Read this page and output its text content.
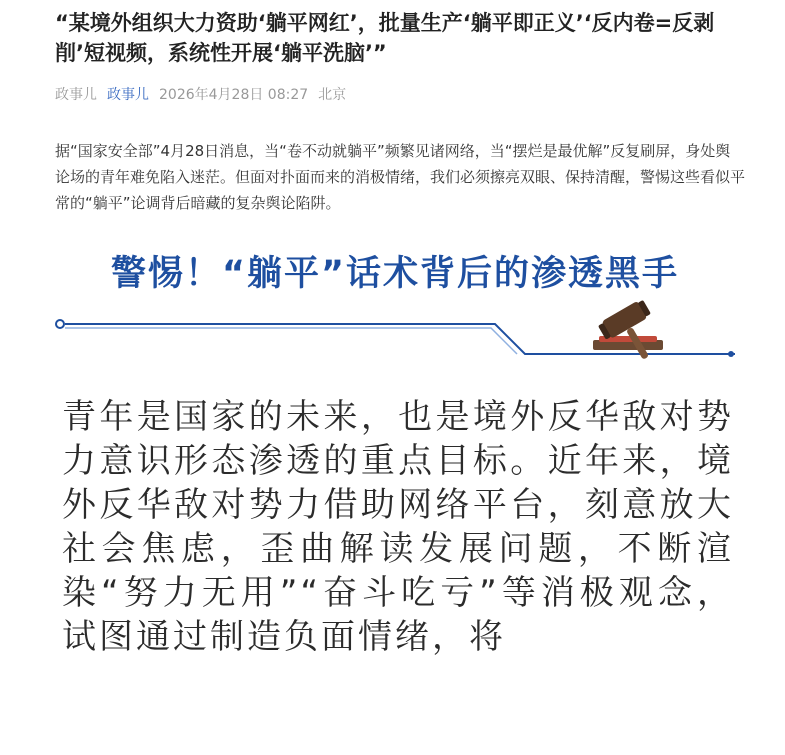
“某境外组织大力资助‘躺平网红’，批量生产‘躺平即正义’‘反内卷=反剥削’短视频，系统性开展‘躺平洗脑’”
政事儿 政事儿 2026年4月28日 08:27 北京

据“国家安全部”4月28日消息，当“卷不动就躺平”频繁见诸网络，当“摆烂是最优解”反复刷屏，身处舆论场的青年难免陷入迷茫。但面对扑面而来的消极情绪，我们必须擦亮双眼、保持清醒，警惕这些看似平常的“躺平”论调背后暗藏的复杂舆论陷阱。

警惕！“躺平”话术背后的渗透黑手

青年是国家的未来，也是境外反华敌对势力意识形态渗透的重点目标。近年来，境外反华敌对势力借助网络平台，刻意放大社会焦虑，歪曲解读发展问题，不断渲染“努力无用”“奋斗吃亏”等消极观念，试图通过制造负面情绪，将
